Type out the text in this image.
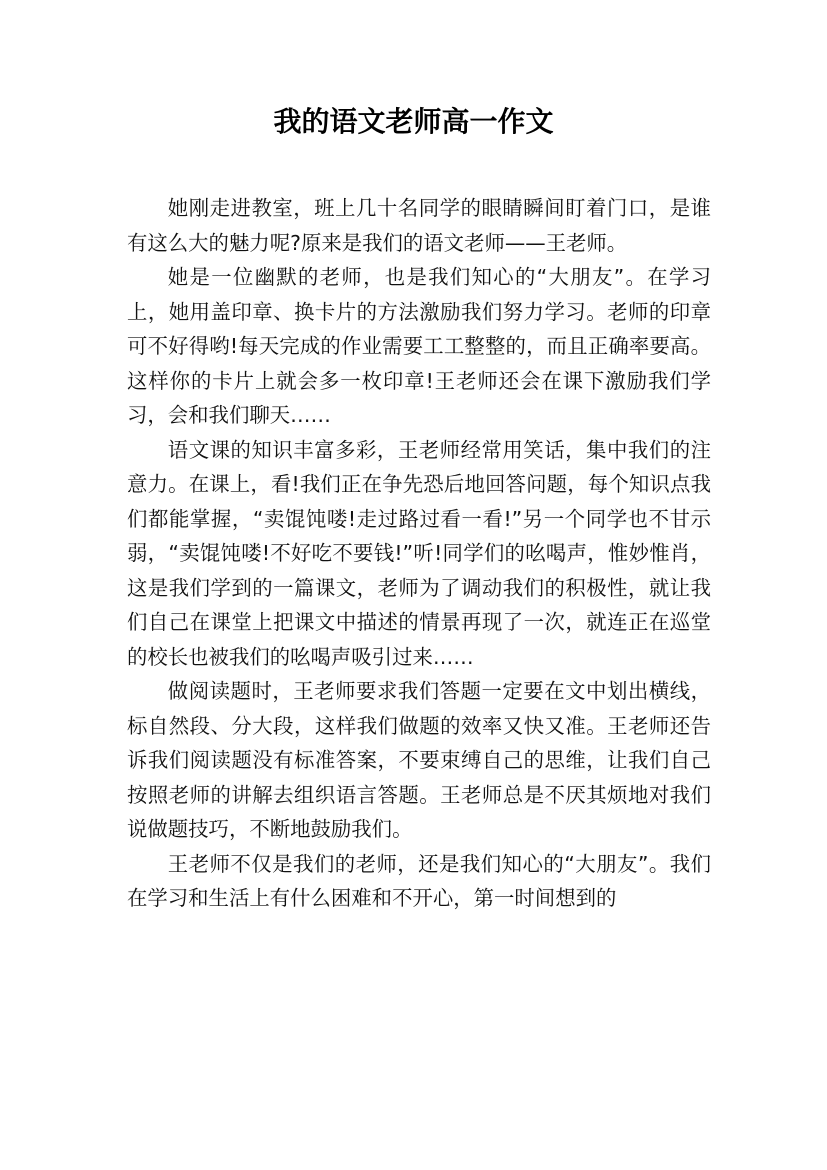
我的语文老师高一作文

她刚走进教室，班上几十名同学的眼睛瞬间盯着门口，是谁有这么大的魅力呢?原来是我们的语文老师——王老师。

她是一位幽默的老师，也是我们知心的“大朋友”。在学习上，她用盖印章、换卡片的方法激励我们努力学习。老师的印章可不好得哟!每天完成的作业需要工工整整的，而且正确率要高。这样你的卡片上就会多一枚印章!王老师还会在课下激励我们学习，会和我们聊天……

语文课的知识丰富多彩，王老师经常用笑话，集中我们的注意力。在课上，看!我们正在争先恐后地回答问题，每个知识点我们都能掌握，“卖馄饨喽!走过路过看一看!”另一个同学也不甘示弱，“卖馄饨喽!不好吃不要钱!”听!同学们的吆喝声，惟妙惟肖，这是我们学到的一篇课文，老师为了调动我们的积极性，就让我们自己在课堂上把课文中描述的情景再现了一次，就连正在巡堂的校长也被我们的吆喝声吸引过来……

做阅读题时，王老师要求我们答题一定要在文中划出横线，标自然段、分大段，这样我们做题的效率又快又准。王老师还告诉我们阅读题没有标准答案，不要束缚自己的思维，让我们自己按照老师的讲解去组织语言答题。王老师总是不厌其烦地对我们说做题技巧，不断地鼓励我们。

王老师不仅是我们的老师，还是我们知心的“大朋友”。我们在学习和生活上有什么困难和不开心，第一时间想到的
